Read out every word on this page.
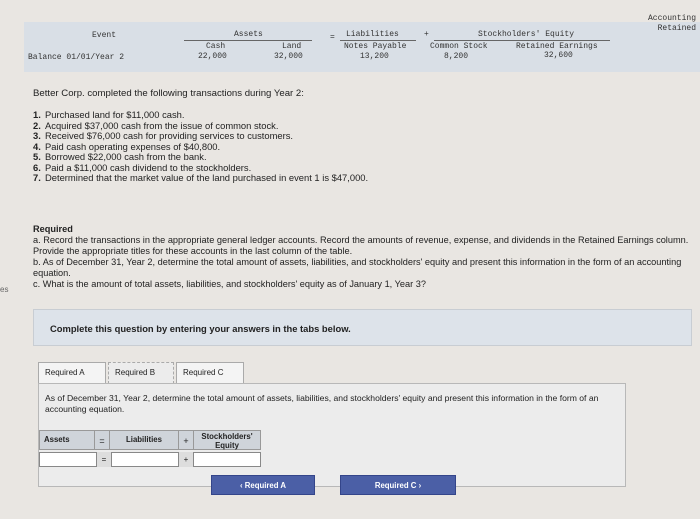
Event	Assets	= Liabilities	+	Stockholders' Equity
Cash	Land	Notes Payable	Common Stock	Retained Earnings
Balance 01/01/Year 2	22,000	32,000	13,200	8,200	32,600
Accounting
Retained
Better Corp. completed the following transactions during Year 2:
1. Purchased land for $11,000 cash.
2. Acquired $37,000 cash from the issue of common stock.
3. Received $76,000 cash for providing services to customers.
4. Paid cash operating expenses of $40,800.
5. Borrowed $22,000 cash from the bank.
6. Paid a $11,000 cash dividend to the stockholders.
7. Determined that the market value of the land purchased in event 1 is $47,000.
Required
a. Record the transactions in the appropriate general ledger accounts. Record the amounts of revenue, expense, and dividends in the Retained Earnings column. Provide the appropriate titles for these accounts in the last column of the table.
b. As of December 31, Year 2, determine the total amount of assets, liabilities, and stockholders' equity and present this information in the form of an accounting equation.
c. What is the amount of total assets, liabilities, and stockholders' equity as of January 1, Year 3?
es
Complete this question by entering your answers in the tabs below.
Required A	Required B	Required C
As of December 31, Year 2, determine the total amount of assets, liabilities, and stockholders' equity and present this information in the form of an accounting equation.
Assets	=	Liabilities	+	Stockholders' Equity
=	+
‹ Required A	Required C ›
